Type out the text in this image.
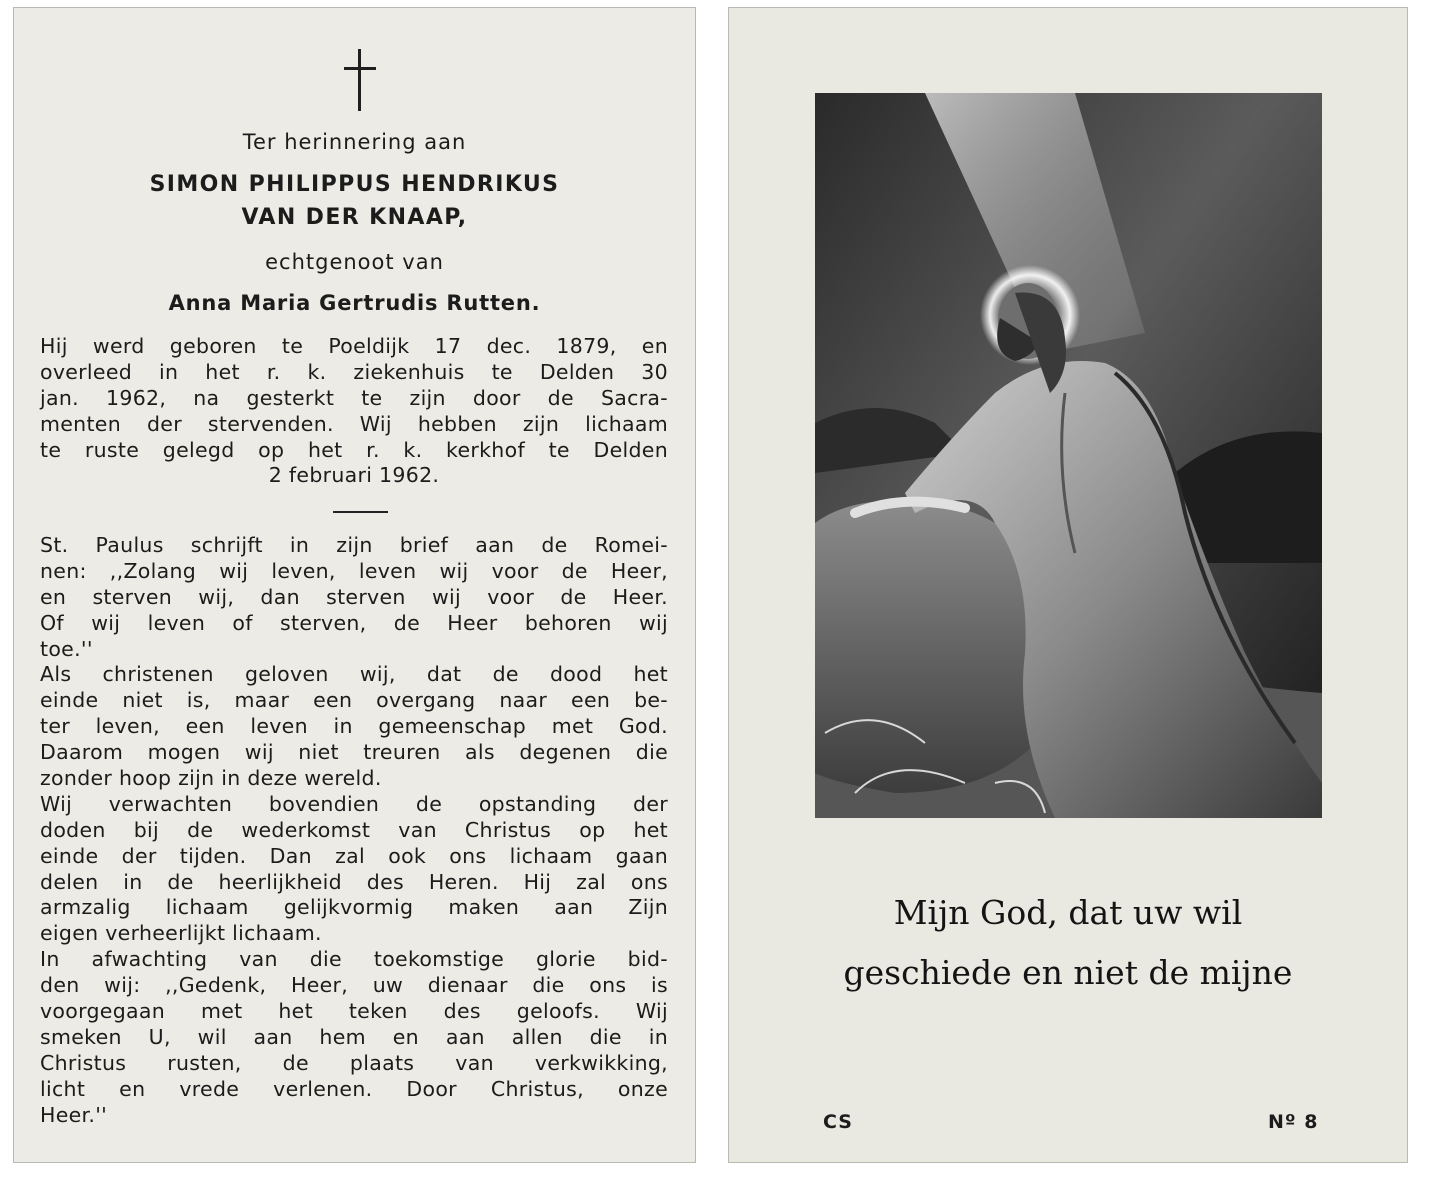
Ter herinnering aan
SIMON PHILIPPUS HENDRIKUS
VAN DER KNAAP,
echtgenoot van
Anna Maria Gertrudis Rutten.
Hij werd geboren te Poeldijk 17 dec. 1879, en
overleed in het r. k. ziekenhuis te Delden 30
jan. 1962, na gesterkt te zijn door de Sacra-
menten der stervenden. Wij hebben zijn lichaam
te ruste gelegd op het r. k. kerkhof te Delden
2 februari 1962.
St. Paulus schrijft in zijn brief aan de Romei-
nen: ,,Zolang wij leven, leven wij voor de Heer,
en sterven wij, dan sterven wij voor de Heer.
Of wij leven of sterven, de Heer behoren wij
toe.''
Als christenen geloven wij, dat de dood het
einde niet is, maar een overgang naar een be-
ter leven, een leven in gemeenschap met God.
Daarom mogen wij niet treuren als degenen die
zonder hoop zijn in deze wereld.
Wij verwachten bovendien de opstanding der
doden bij de wederkomst van Christus op het
einde der tijden. Dan zal ook ons lichaam gaan
delen in de heerlijkheid des Heren. Hij zal ons
armzalig lichaam gelijkvormig maken aan Zijn
eigen verheerlijkt lichaam.
In afwachting van die toekomstige glorie bid-
den wij: ,,Gedenk, Heer, uw dienaar die ons is
voorgegaan met het teken des geloofs. Wij
smeken U, wil aan hem en aan allen die in
Christus rusten, de plaats van verkwikking,
licht en vrede verlenen. Door Christus, onze
Heer.''
Mijn God, dat uw wil
geschiede en niet de mijne
CS	Nº 8
